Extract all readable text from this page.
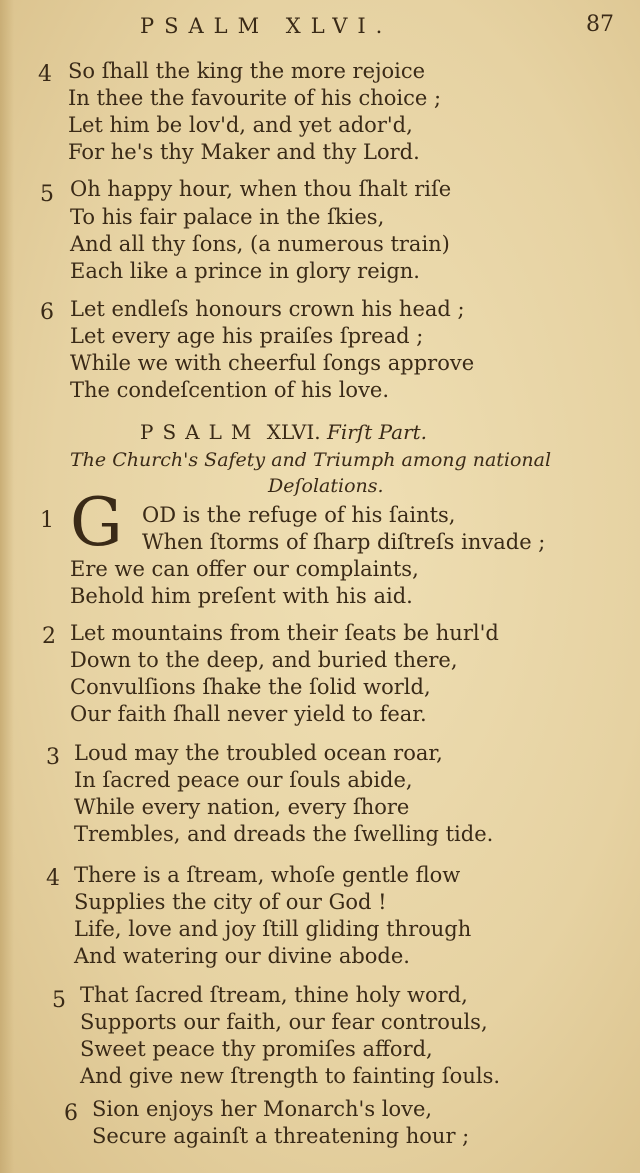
PSALM XLVI.	87
4 So ſhall the king the more rejoice
In thee the favourite of his choice ;
Let him be lov'd, and yet ador'd,
For he's thy Maker and thy Lord.
5 Oh happy hour, when thou ſhalt riſe
To his fair palace in the ſkies,
And all thy ſons, (a numerous train)
Each like a prince in glory reign.
6 Let endleſs honours crown his head ;
Let every age his praiſes ſpread ;
While we with cheerful ſongs approve
The condeſcention of his love.
PSALM XLVI. Firſt Part.
The Church's Safety and Triumph among national
Deſolations.
1 G OD is the refuge of his ſaints,
When ſtorms of ſharp diſtreſs invade ;
Ere we can offer our complaints,
Behold him preſent with his aid.
2 Let mountains from their ſeats be hurl'd
Down to the deep, and buried there,
Convulſions ſhake the ſolid world,
Our faith ſhall never yield to fear.
3 Loud may the troubled ocean roar,
In ſacred peace our ſouls abide,
While every nation, every ſhore
Trembles, and dreads the ſwelling tide.
4 There is a ſtream, whoſe gentle flow
Supplies the city of our God !
Life, love and joy ſtill gliding through
And watering our divine abode.
5 That ſacred ſtream, thine holy word,
Supports our faith, our fear controuls,
Sweet peace thy promiſes afford,
And give new ſtrength to fainting ſouls.
6 Sion enjoys her Monarch's love,
Secure againſt a threatening hour ;
